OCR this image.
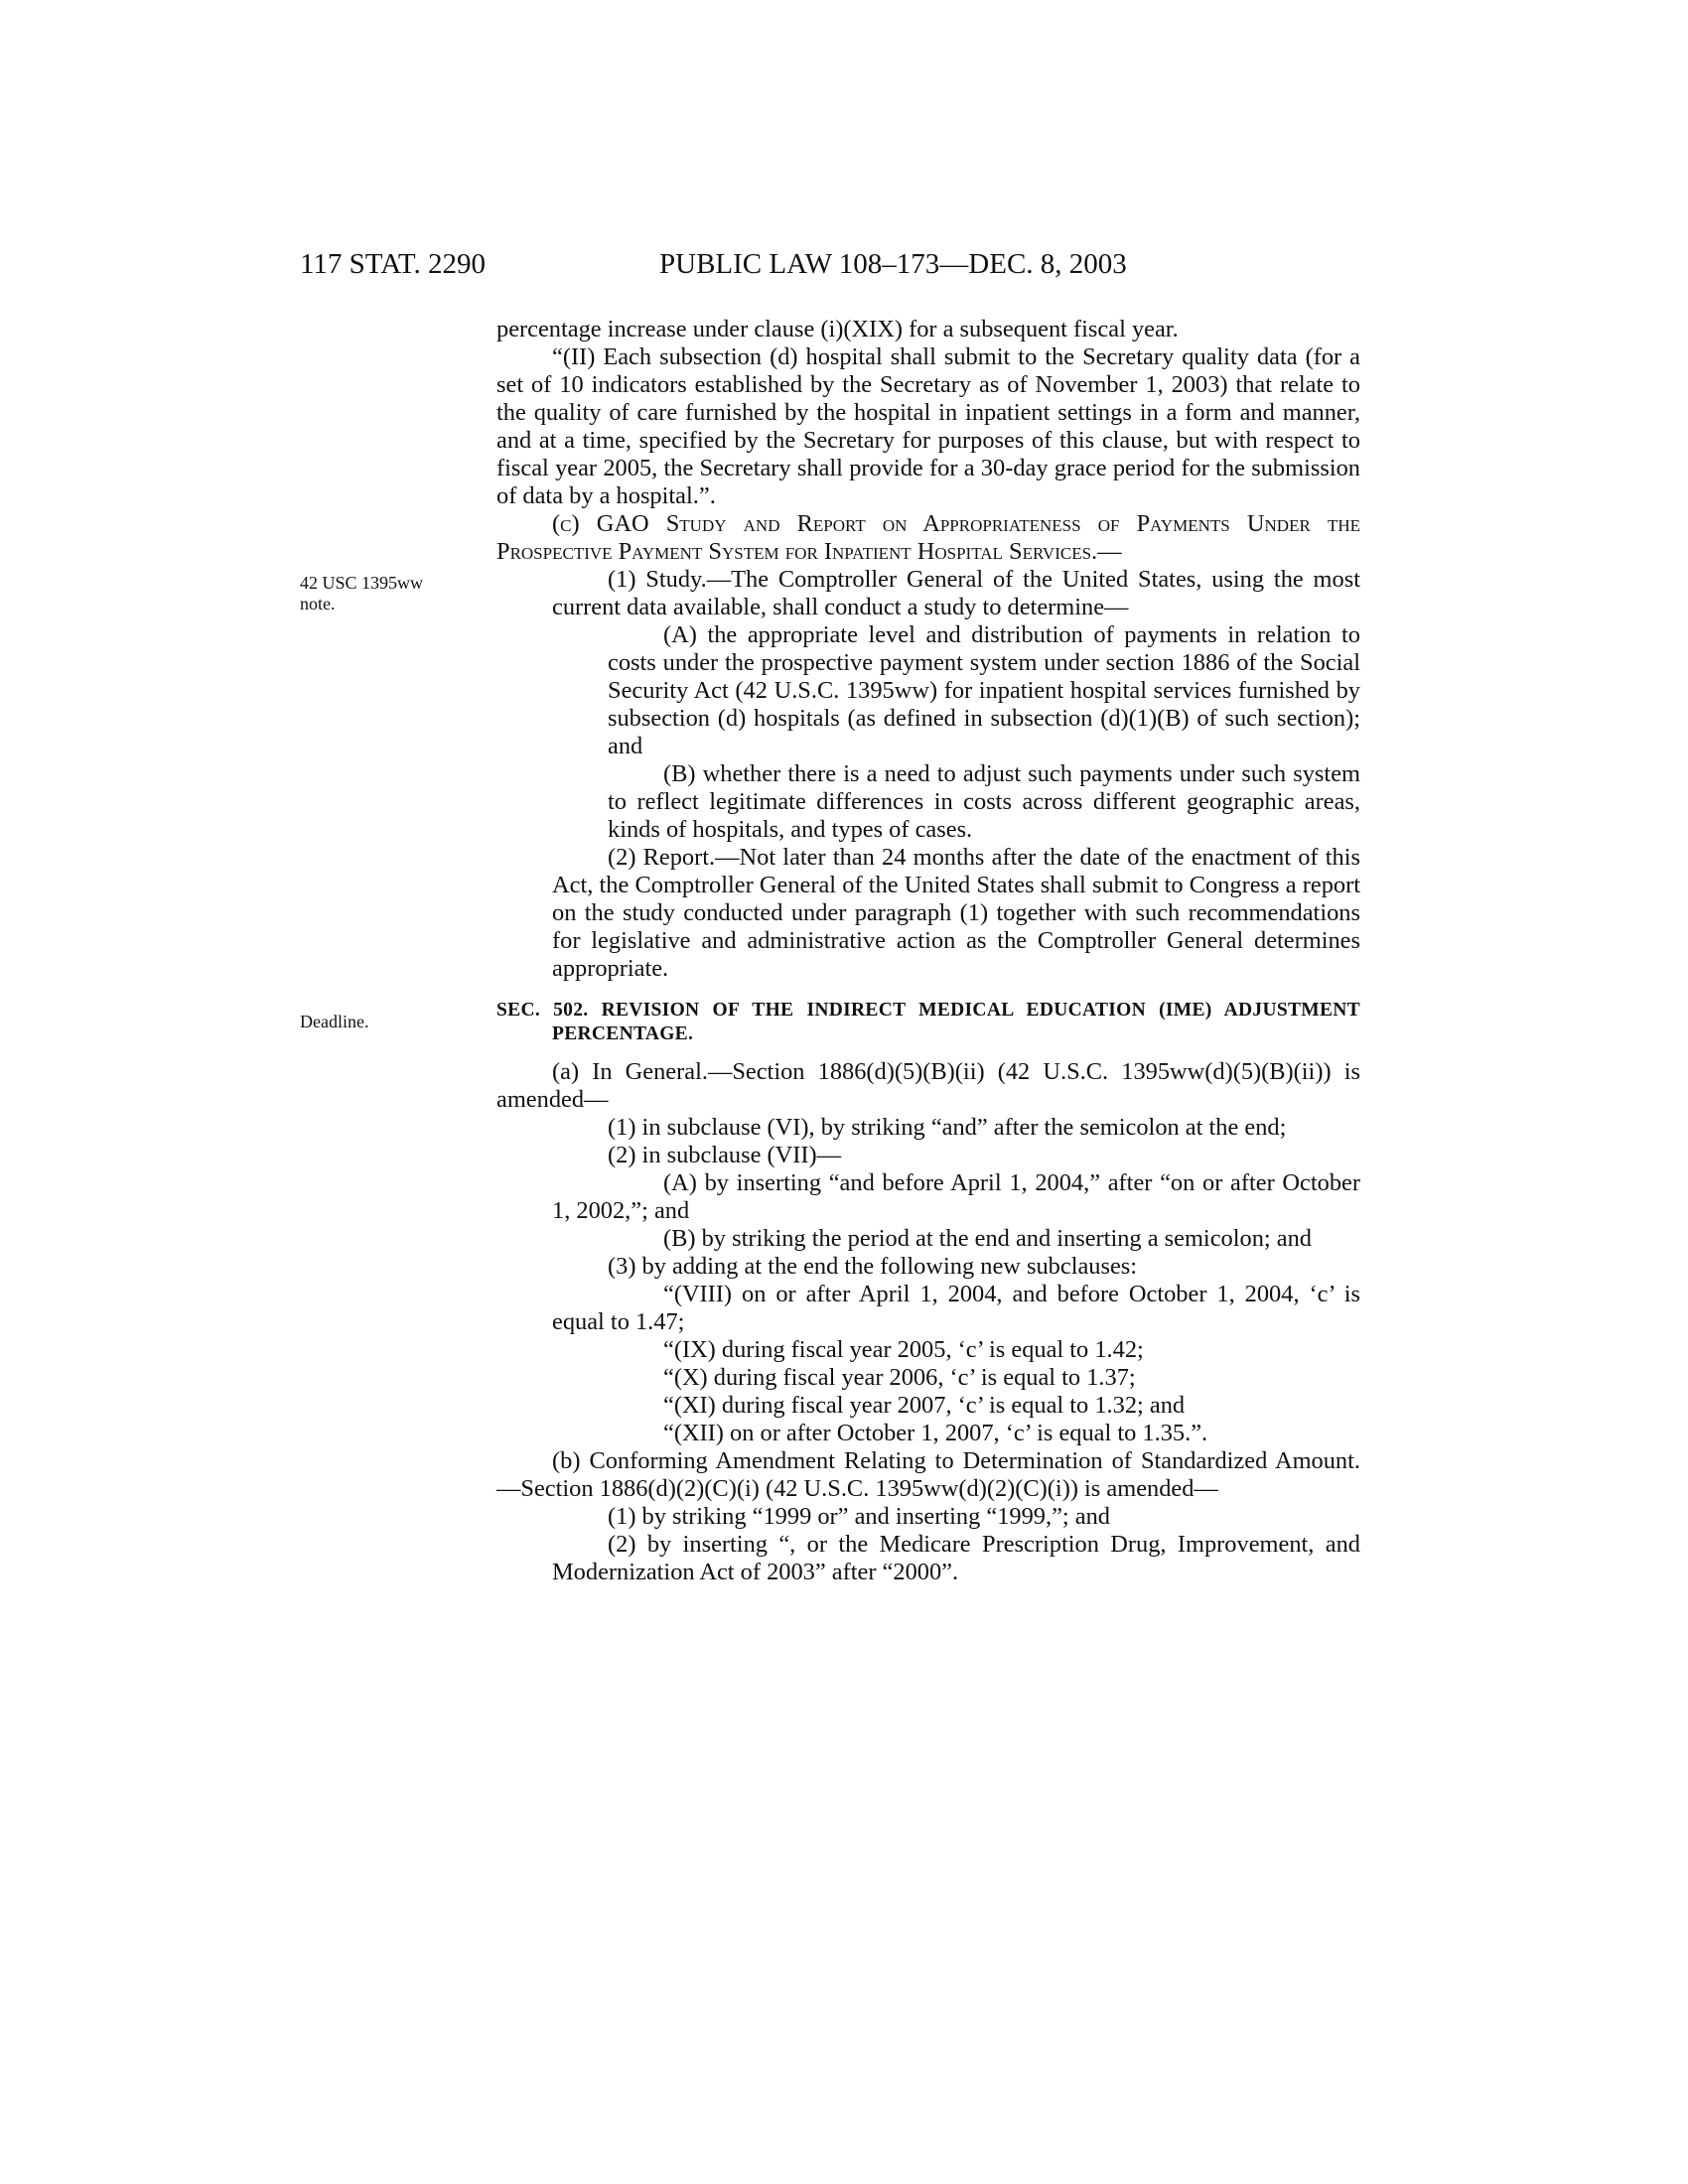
117 STAT. 2290	PUBLIC LAW 108–173—DEC. 8, 2003
42 USC 1395ww
note.
Deadline.

percentage increase under clause (i)(XIX) for a subsequent fiscal year.

“(II) Each subsection (d) hospital shall submit to the Secretary quality data (for a set of 10 indicators established by the Secretary as of November 1, 2003) that relate to the quality of care furnished by the hospital in inpatient settings in a form and manner, and at a time, specified by the Secretary for purposes of this clause, but with respect to fiscal year 2005, the Secretary shall provide for a 30-day grace period for the submission of data by a hospital.”.

(c) GAO Study and Report on Appropriateness of Payments Under the Prospective Payment System for Inpatient Hospital Services.—

(1) Study.—The Comptroller General of the United States, using the most current data available, shall conduct a study to determine—

(A) the appropriate level and distribution of payments in relation to costs under the prospective payment system under section 1886 of the Social Security Act (42 U.S.C. 1395ww) for inpatient hospital services furnished by subsection (d) hospitals (as defined in subsection (d)(1)(B) of such section); and

(B) whether there is a need to adjust such payments under such system to reflect legitimate differences in costs across different geographic areas, kinds of hospitals, and types of cases.

(2) Report.—Not later than 24 months after the date of the enactment of this Act, the Comptroller General of the United States shall submit to Congress a report on the study conducted under paragraph (1) together with such recommendations for legislative and administrative action as the Comptroller General determines appropriate.

SEC. 502. REVISION OF THE INDIRECT MEDICAL EDUCATION (IME) ADJUSTMENT PERCENTAGE.

(a) In General.—Section 1886(d)(5)(B)(ii) (42 U.S.C. 1395ww(d)(5)(B)(ii)) is amended—

(1) in subclause (VI), by striking “and” after the semicolon at the end;

(2) in subclause (VII)—

(A) by inserting “and before April 1, 2004,” after “on or after October 1, 2002,”; and

(B) by striking the period at the end and inserting a semicolon; and

(3) by adding at the end the following new subclauses:

“(VIII) on or after April 1, 2004, and before October 1, 2004, ‘c’ is equal to 1.47;

“(IX) during fiscal year 2005, ‘c’ is equal to 1.42;

“(X) during fiscal year 2006, ‘c’ is equal to 1.37;

“(XI) during fiscal year 2007, ‘c’ is equal to 1.32; and

“(XII) on or after October 1, 2007, ‘c’ is equal to 1.35.”.

(b) Conforming Amendment Relating to Determination of Standardized Amount.—Section 1886(d)(2)(C)(i) (42 U.S.C. 1395ww(d)(2)(C)(i)) is amended—

(1) by striking “1999 or” and inserting “1999,”; and

(2) by inserting “, or the Medicare Prescription Drug, Improvement, and Modernization Act of 2003” after “2000”.
